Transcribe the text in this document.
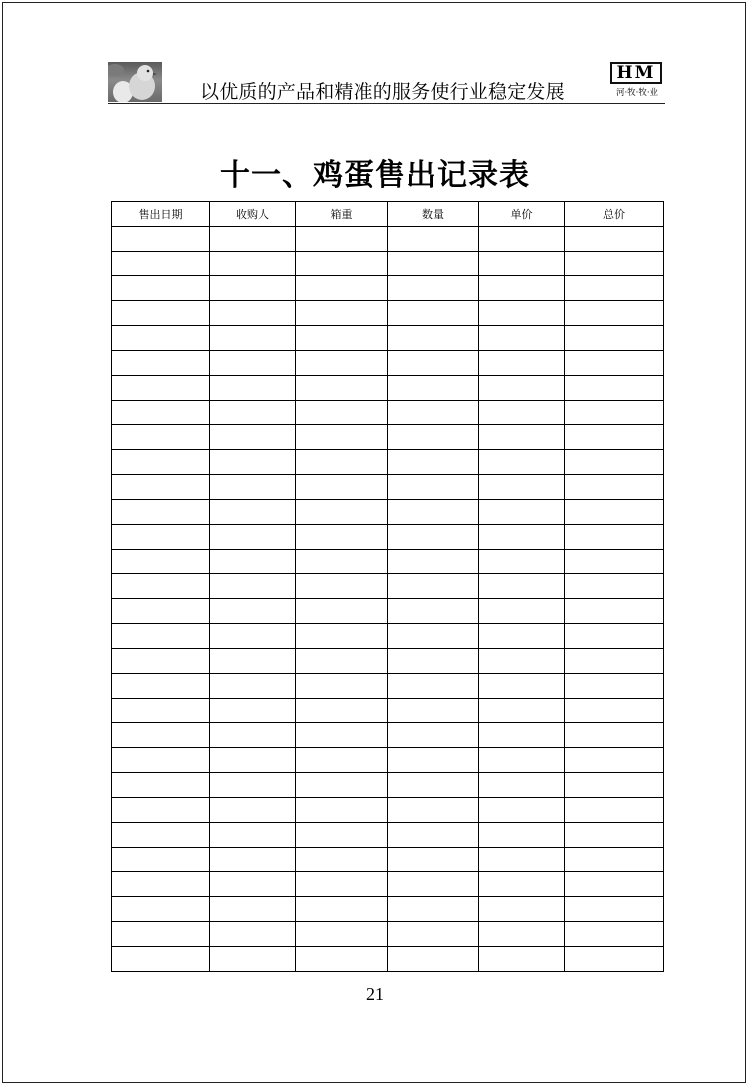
以优质的产品和精准的服务使行业稳定发展
HM
河·牧·牧·业
十一、鸡蛋售出记录表
售出日期	收购人	箱重	数量	单价	总价

21
